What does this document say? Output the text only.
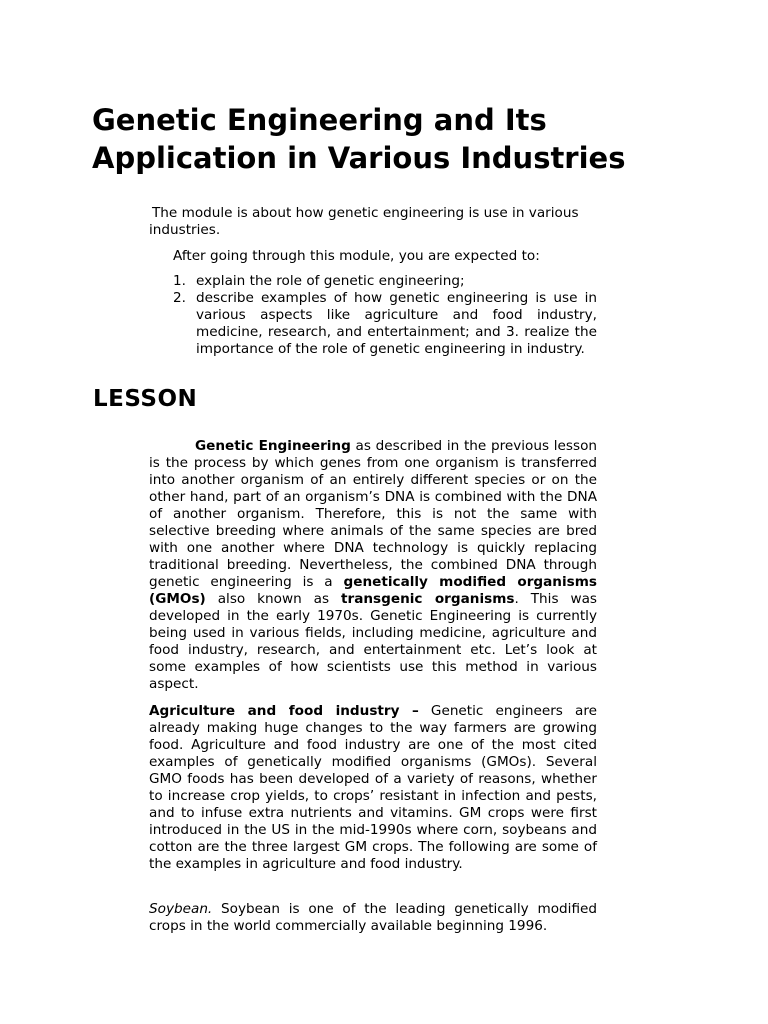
Genetic Engineering and Its
Application in Various Industries

The module is about how genetic engineering is use in various industries.

After going through this module, you are expected to:

1. explain the role of genetic engineering;
2. describe examples of how genetic engineering is use in various aspects like agriculture and food industry, medicine, research, and entertainment; and 3. realize the importance of the role of genetic engineering in industry.
LESSON

Genetic Engineering as described in the previous lesson is the process by which genes from one organism is transferred into another organism of an entirely different species or on the other hand, part of an organism’s DNA is combined with the DNA of another organism. Therefore, this is not the same with selective breeding where animals of the same species are bred with one another where DNA technology is quickly replacing traditional breeding. Nevertheless, the combined DNA through genetic engineering is a genetically modified organisms (GMOs) also known as transgenic organisms. This was developed in the early 1970s. Genetic Engineering is currently being used in various fields, including medicine, agriculture and food industry, research, and entertainment etc. Let’s look at some examples of how scientists use this method in various aspect.

Agriculture and food industry – Genetic engineers are already making huge changes to the way farmers are growing food. Agriculture and food industry are one of the most cited examples of genetically modified organisms (GMOs). Several GMO foods has been developed of a variety of reasons, whether to increase crop yields, to crops’ resistant in infection and pests, and to infuse extra nutrients and vitamins. GM crops were first introduced in the US in the mid-1990s where corn, soybeans and cotton are the three largest GM crops. The following are some of the examples in agriculture and food industry.

Soybean. Soybean is one of the leading genetically modified crops in the world commercially available beginning 1996.
